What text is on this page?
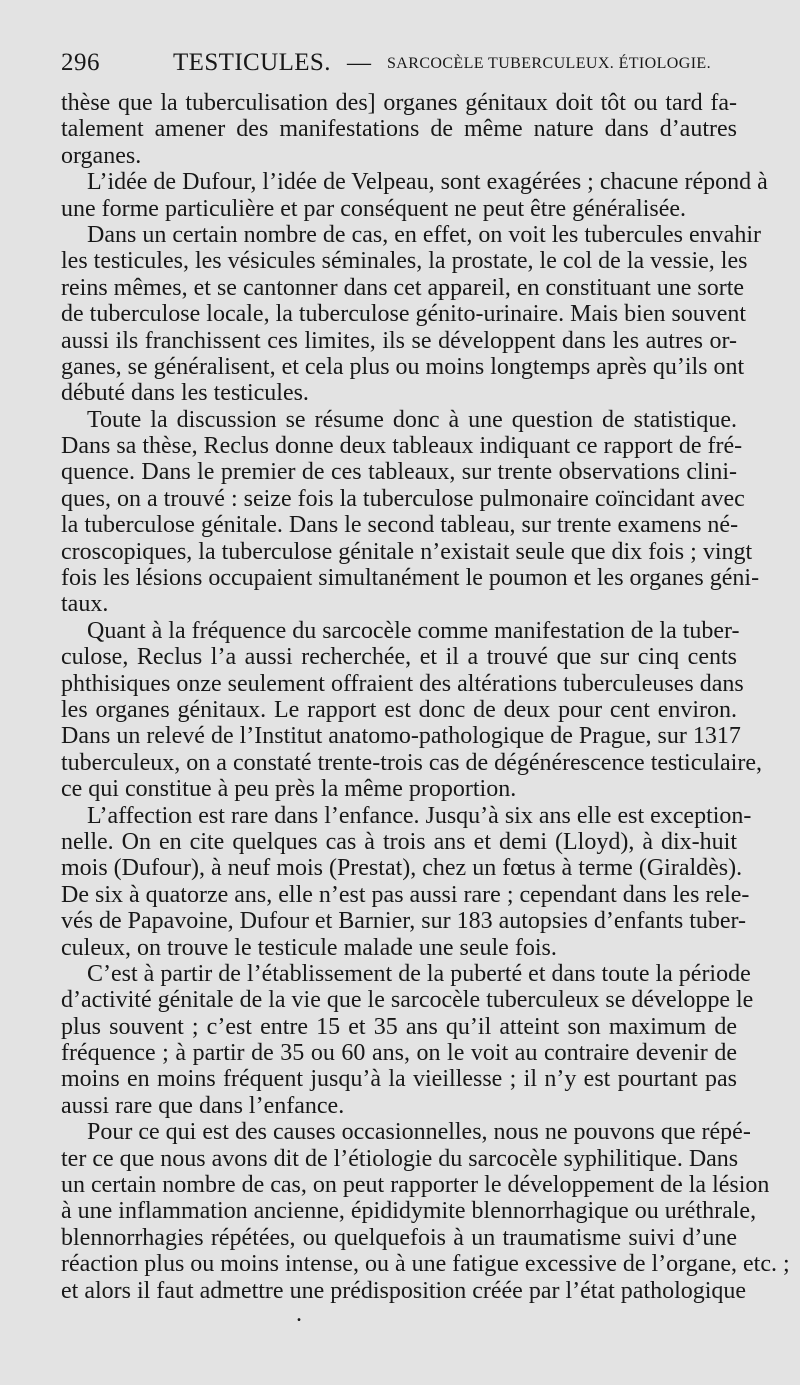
296	TESTICULES. — SARCOCÈLE TUBERCULEUX. ÉTIOLOGIE.
thèse que la tuberculisation des] organes génitaux doit tôt ou tard fa-
talement amener des manifestations de même nature dans d’autres
organes.
L’idée de Dufour, l’idée de Velpeau, sont exagérées ; chacune répond à
une forme particulière et par conséquent ne peut être généralisée.
Dans un certain nombre de cas, en effet, on voit les tubercules envahir
les testicules, les vésicules séminales, la prostate, le col de la vessie, les
reins mêmes, et se cantonner dans cet appareil, en constituant une sorte
de tuberculose locale, la tuberculose génito-urinaire. Mais bien souvent
aussi ils franchissent ces limites, ils se développent dans les autres or-
ganes, se généralisent, et cela plus ou moins longtemps après qu’ils ont
débuté dans les testicules.
Toute la discussion se résume donc à une question de statistique.
Dans sa thèse, Reclus donne deux tableaux indiquant ce rapport de fré-
quence. Dans le premier de ces tableaux, sur trente observations clini-
ques, on a trouvé : seize fois la tuberculose pulmonaire coïncidant avec
la tuberculose génitale. Dans le second tableau, sur trente examens né-
croscopiques, la tuberculose génitale n’existait seule que dix fois ; vingt
fois les lésions occupaient simultanément le poumon et les organes géni-
taux.
Quant à la fréquence du sarcocèle comme manifestation de la tuber-
culose, Reclus l’a aussi recherchée, et il a trouvé que sur cinq cents
phthisiques onze seulement offraient des altérations tuberculeuses dans
les organes génitaux. Le rapport est donc de deux pour cent environ.
Dans un relevé de l’Institut anatomo-pathologique de Prague, sur 1317
tuberculeux, on a constaté trente-trois cas de dégénérescence testiculaire,
ce qui constitue à peu près la même proportion.
L’affection est rare dans l’enfance. Jusqu’à six ans elle est exception-
nelle. On en cite quelques cas à trois ans et demi (Lloyd), à dix-huit
mois (Dufour), à neuf mois (Prestat), chez un fœtus à terme (Giraldès).
De six à quatorze ans, elle n’est pas aussi rare ; cependant dans les rele-
vés de Papavoine, Dufour et Barnier, sur 183 autopsies d’enfants tuber-
culeux, on trouve le testicule malade une seule fois.
C’est à partir de l’établissement de la puberté et dans toute la période
d’activité génitale de la vie que le sarcocèle tuberculeux se développe le
plus souvent ; c’est entre 15 et 35 ans qu’il atteint son maximum de
fréquence ; à partir de 35 ou 60 ans, on le voit au contraire devenir de
moins en moins fréquent jusqu’à la vieillesse ; il n’y est pourtant pas
aussi rare que dans l’enfance.
Pour ce qui est des causes occasionnelles, nous ne pouvons que répé-
ter ce que nous avons dit de l’étiologie du sarcocèle syphilitique. Dans
un certain nombre de cas, on peut rapporter le développement de la lésion
à une inflammation ancienne, épididymite blennorrhagique ou uréthrale,
blennorrhagies répétées, ou quelquefois à un traumatisme suivi d’une
réaction plus ou moins intense, ou à une fatigue excessive de l’organe, etc. ;
et alors il faut admettre une prédisposition créée par l’état pathologique
.
